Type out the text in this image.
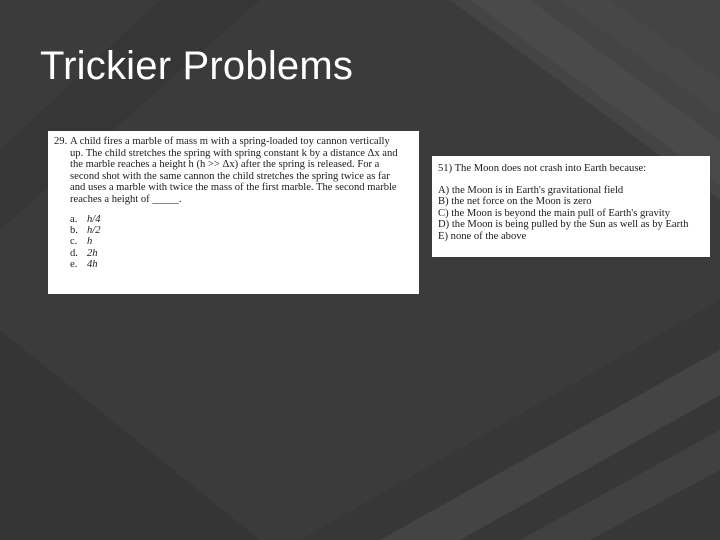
Trickier Problems
29. A child fires a marble of mass m with a spring-loaded toy cannon vertically
up. The child stretches the spring with spring constant k by a distance Δx and
the marble reaches a height h (h >> Δx) after the spring is released. For a
second shot with the same cannon the child stretches the spring twice as far
and uses a marble with twice the mass of the first marble. The second marble
reaches a height of _____.
a. h/4
b. h/2
c. h
d. 2h
e. 4h
51) The Moon does not crash into Earth because:
A) the Moon is in Earth's gravitational field
B) the net force on the Moon is zero
C) the Moon is beyond the main pull of Earth's gravity
D) the Moon is being pulled by the Sun as well as by Earth
E) none of the above
